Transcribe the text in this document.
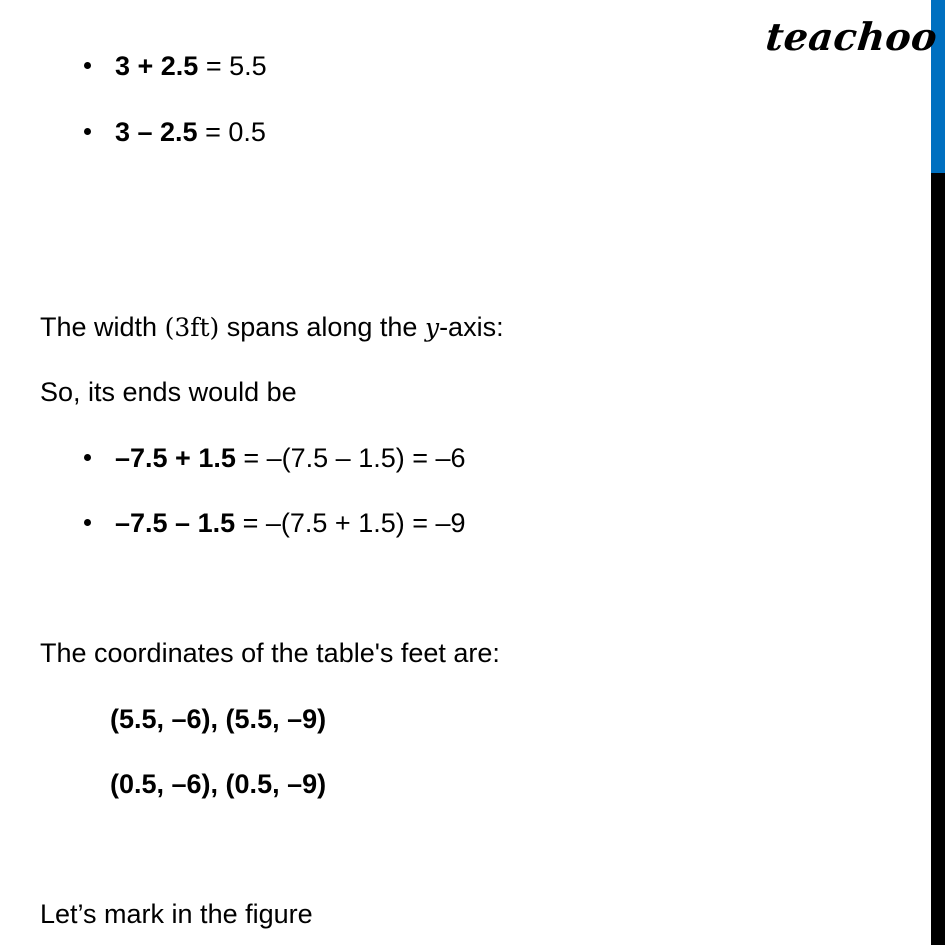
teachoo
3 + 2.5 = 5.5
3 – 2.5 = 0.5
The width (3ft) spans along the y-axis:
So, its ends would be
–7.5 + 1.5 = –(7.5 – 1.5) = –6
–7.5 – 1.5 = –(7.5 + 1.5) = –9
The coordinates of the table's feet are:
(5.5, –6), (5.5, –9)
(0.5, –6), (0.5, –9)
Let’s mark in the figure
